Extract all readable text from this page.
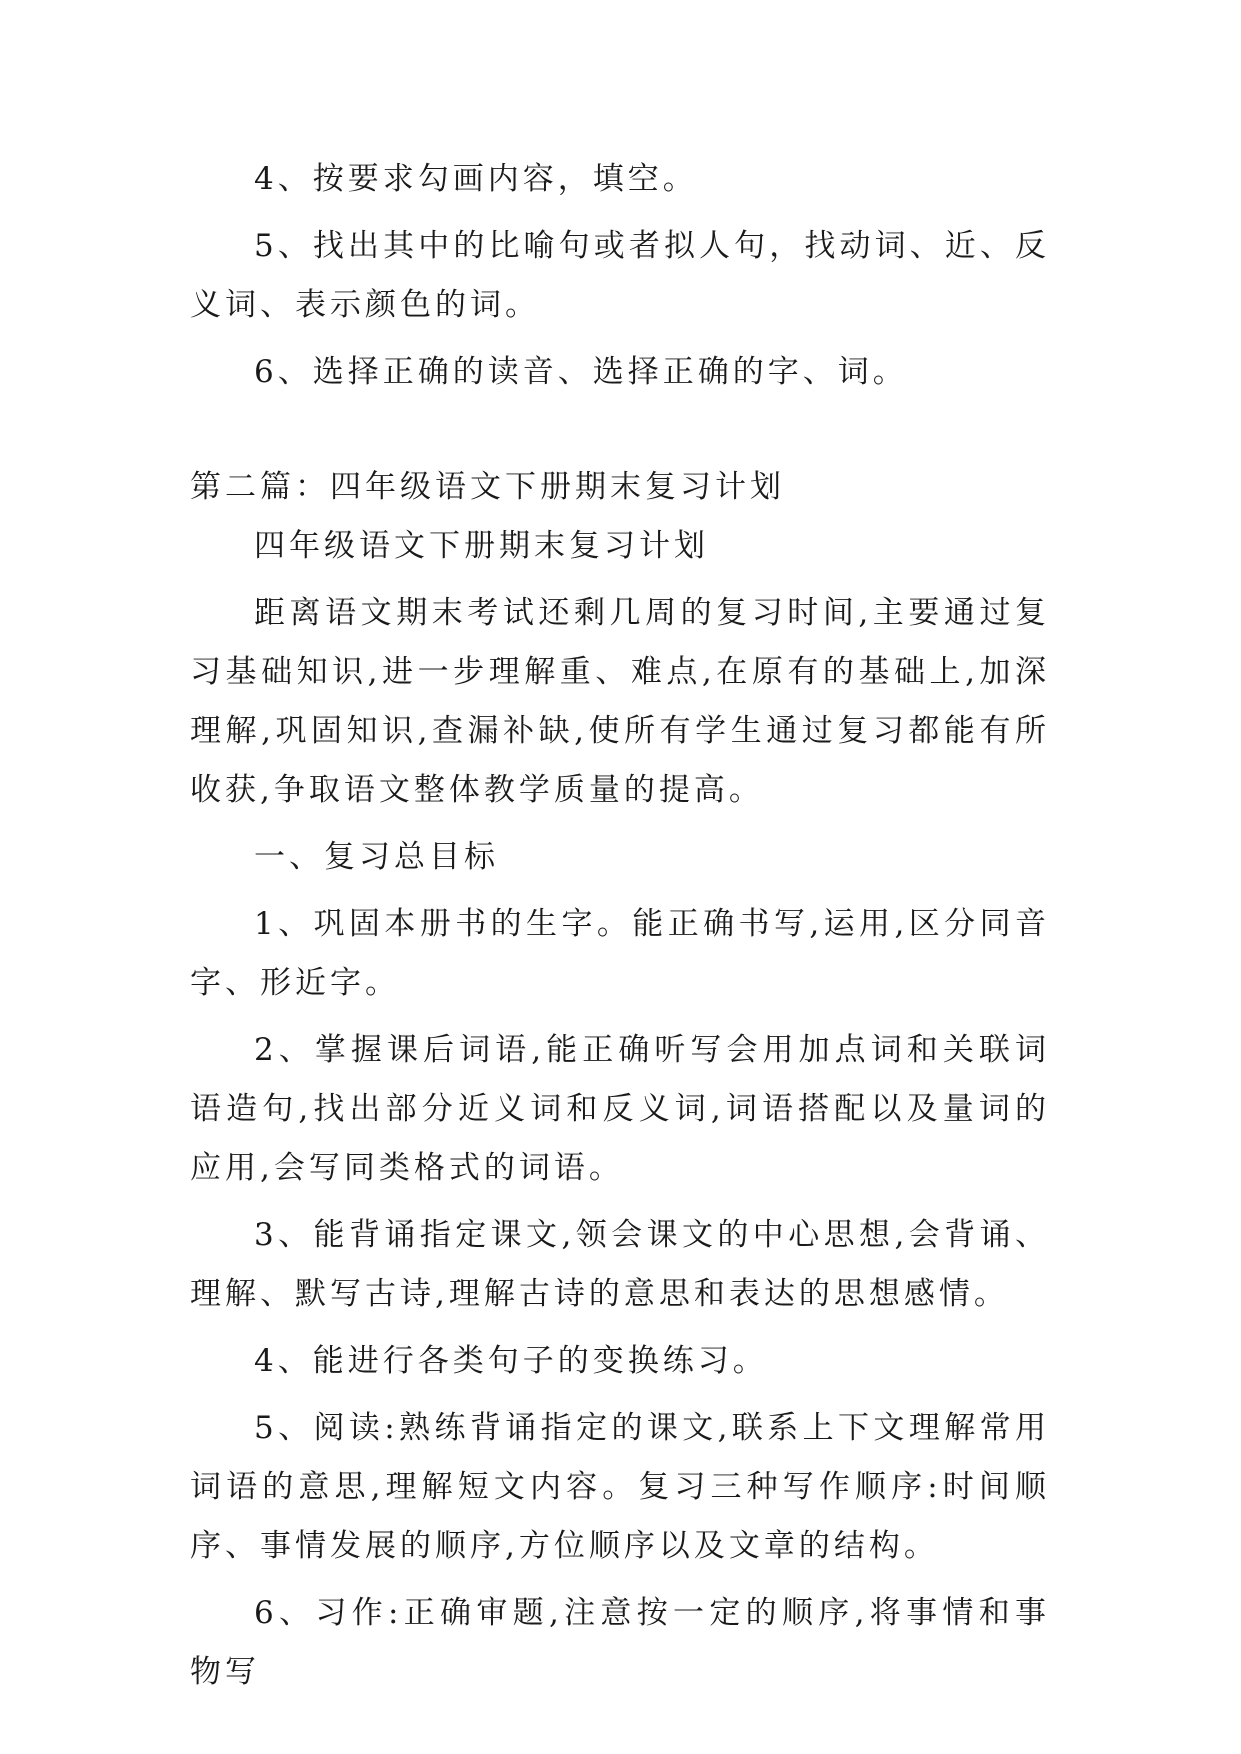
4、按要求勾画内容，填空。

5、找出其中的比喻句或者拟人句，找动词、近、反义词、表示颜色的词。

6、选择正确的读音、选择正确的字、词。

第二篇：四年级语文下册期末复习计划

四年级语文下册期末复习计划

距离语文期末考试还剩几周的复习时间,主要通过复习基础知识,进一步理解重、难点,在原有的基础上,加深理解,巩固知识,查漏补缺,使所有学生通过复习都能有所收获,争取语文整体教学质量的提高。

一、复习总目标

1、巩固本册书的生字。能正确书写,运用,区分同音字、形近字。

2、掌握课后词语,能正确听写会用加点词和关联词语造句,找出部分近义词和反义词,词语搭配以及量词的应用,会写同类格式的词语。

3、能背诵指定课文,领会课文的中心思想,会背诵、理解、默写古诗,理解古诗的意思和表达的思想感情。

4、能进行各类句子的变换练习。

5、阅读:熟练背诵指定的课文,联系上下文理解常用词语的意思,理解短文内容。复习三种写作顺序:时间顺序、事情发展的顺序,方位顺序以及文章的结构。

6、习作:正确审题,注意按一定的顺序,将事情和事物写
